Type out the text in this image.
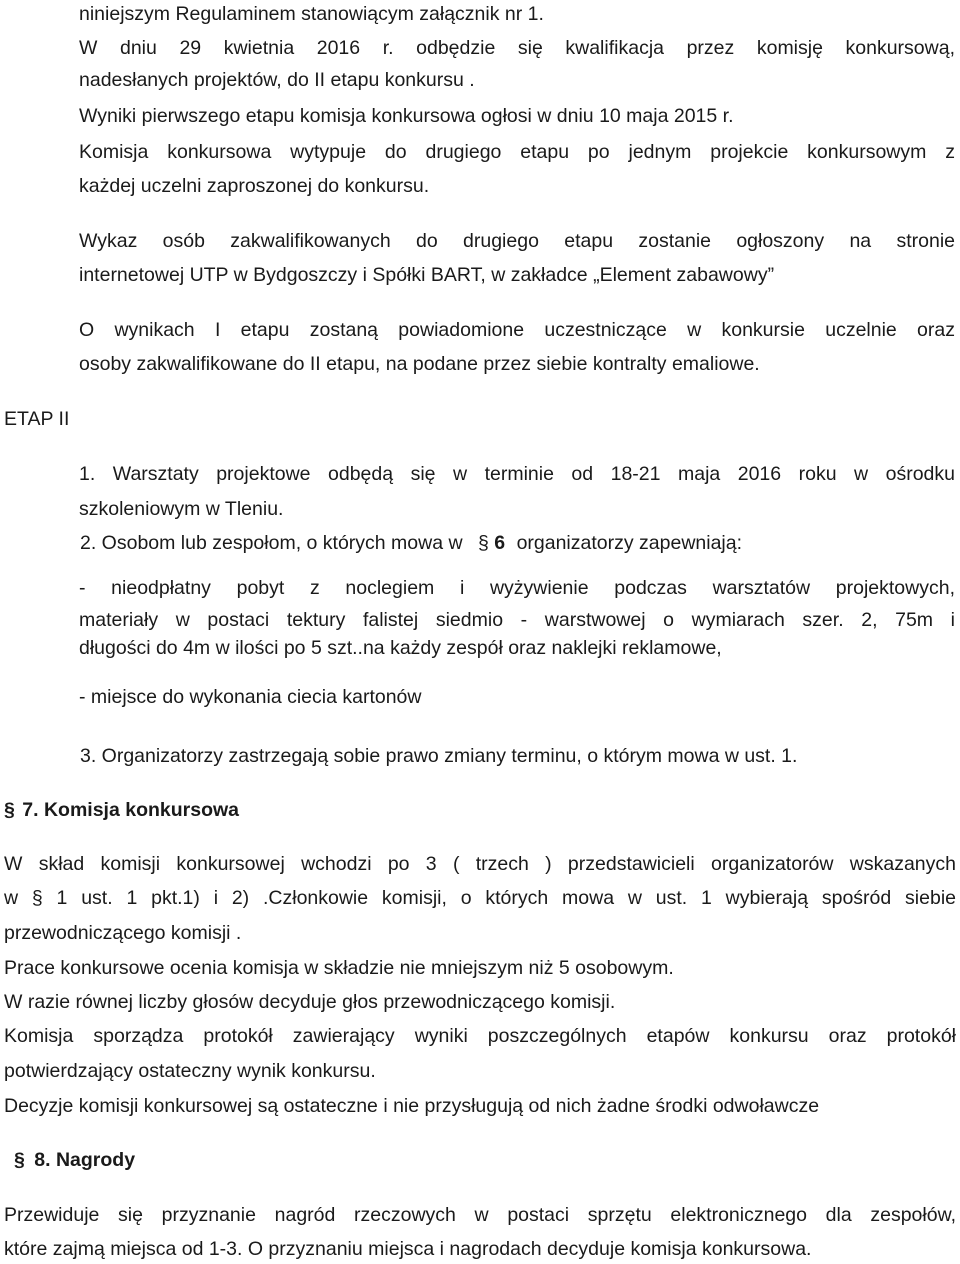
niniejszym Regulaminem stanowiącym załącznik nr 1.
W dniu 29 kwietnia 2016 r. odbędzie się kwalifikacja przez komisję konkursową,
nadesłanych projektów, do II etapu konkursu .
Wyniki pierwszego etapu komisja konkursowa ogłosi w dniu 10 maja 2015 r.
Komisja konkursowa wytypuje do drugiego etapu po jednym projekcie konkursowym z
każdej uczelni zaproszonej do konkursu.
Wykaz osób zakwalifikowanych do drugiego etapu zostanie ogłoszony na stronie
internetowej UTP w Bydgoszczy i Spółki BART, w zakładce „Element zabawowy”
O wynikach I etapu zostaną powiadomione uczestniczące w konkursie uczelnie oraz
osoby zakwalifikowane do II etapu, na podane przez siebie kontralty emaliowe.
ETAP II
1. Warsztaty projektowe odbędą się w terminie od 18-21 maja 2016 roku w ośrodku
szkoleniowym w Tleniu.
2. Osobom lub zespołom, o których mowa w § 6 organizatorzy zapewniają:
- nieodpłatny pobyt z noclegiem i wyżywienie podczas warsztatów projektowych,
materiały w postaci tektury falistej siedmio - warstwowej o wymiarach szer. 2, 75m i
długości do 4m w ilości po 5 szt..na każdy zespół oraz naklejki reklamowe,
- miejsce do wykonania ciecia kartonów
3. Organizatorzy zastrzegają sobie prawo zmiany terminu, o którym mowa w ust. 1.
§ 7. Komisja konkursowa
W skład komisji konkursowej wchodzi po 3 ( trzech ) przedstawicieli organizatorów wskazanych
w § 1 ust. 1 pkt.1) i 2) .Członkowie komisji, o których mowa w ust. 1 wybierają spośród siebie
przewodniczącego komisji .
Prace konkursowe ocenia komisja w składzie nie mniejszym niż 5 osobowym.
W razie równej liczby głosów decyduje głos przewodniczącego komisji.
Komisja sporządza protokół zawierający wyniki poszczególnych etapów konkursu oraz protokół
potwierdzający ostateczny wynik konkursu.
Decyzje komisji konkursowej są ostateczne i nie przysługują od nich żadne środki odwoławcze
§ 8. Nagrody
Przewiduje się przyznanie nagród rzeczowych w postaci sprzętu elektronicznego dla zespołów,
które zajmą miejsca od 1-3. O przyznaniu miejsca i nagrodach decyduje komisja konkursowa.
